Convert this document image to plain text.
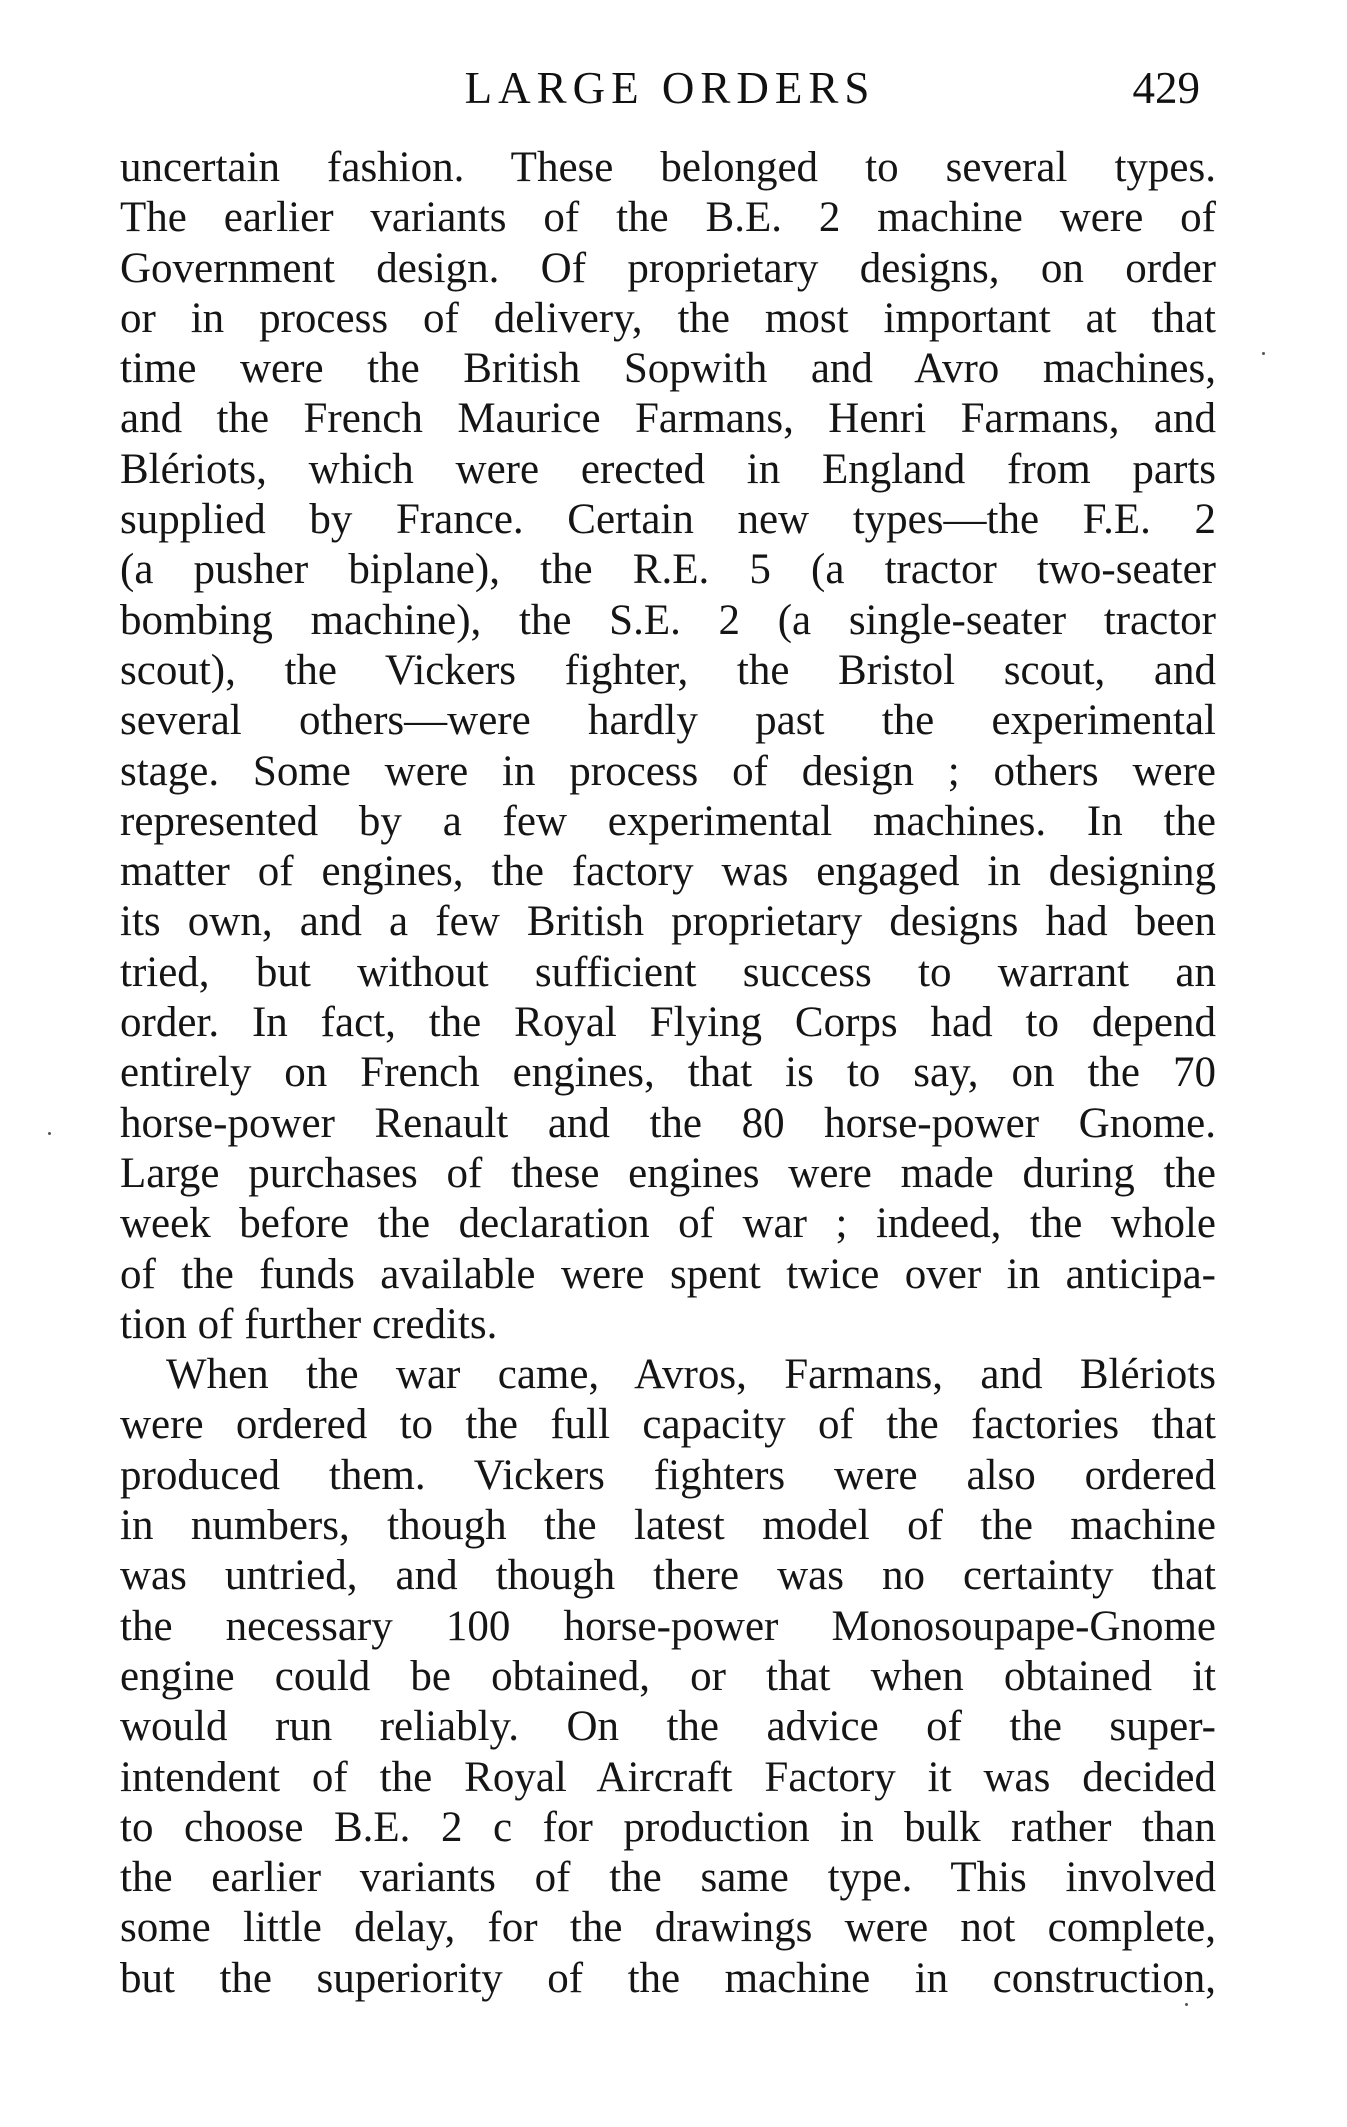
LARGE ORDERS	429
uncertain fashion. These belonged to several types.
The earlier variants of the B.E. 2 machine were of
Government design. Of proprietary designs, on order
or in process of delivery, the most important at that
time were the British Sopwith and Avro machines,
and the French Maurice Farmans, Henri Farmans, and
Blériots, which were erected in England from parts
supplied by France. Certain new types—the F.E. 2
(a pusher biplane), the R.E. 5 (a tractor two-seater
bombing machine), the S.E. 2 (a single-seater tractor
scout), the Vickers fighter, the Bristol scout, and
several others—were hardly past the experimental
stage. Some were in process of design ; others were
represented by a few experimental machines. In the
matter of engines, the factory was engaged in designing
its own, and a few British proprietary designs had been
tried, but without sufficient success to warrant an
order. In fact, the Royal Flying Corps had to depend
entirely on French engines, that is to say, on the 70
horse-power Renault and the 80 horse-power Gnome.
Large purchases of these engines were made during the
week before the declaration of war ; indeed, the whole
of the funds available were spent twice over in anticipa-
tion of further credits.
When the war came, Avros, Farmans, and Blériots
were ordered to the full capacity of the factories that
produced them. Vickers fighters were also ordered
in numbers, though the latest model of the machine
was untried, and though there was no certainty that
the necessary 100 horse-power Monosoupape-Gnome
engine could be obtained, or that when obtained it
would run reliably. On the advice of the super-
intendent of the Royal Aircraft Factory it was decided
to choose B.E. 2 c for production in bulk rather than
the earlier variants of the same type. This involved
some little delay, for the drawings were not complete,
but the superiority of the machine in construction,
